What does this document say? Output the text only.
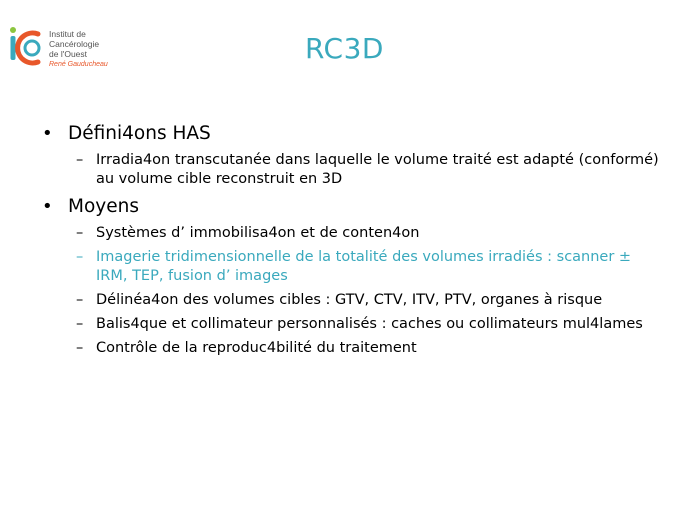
Institut de
Cancérologie
de l'Ouest
René Gauducheau	RC3D
• Défini4ons HAS
– Irradia4on transcutanée dans laquelle le volume traité est adapté (conformé) au volume cible reconstruit en 3D
• Moyens
– Systèmes d’ immobilisa4on et de conten4on
– Imagerie tridimensionnelle de la totalité des volumes irradiés : scanner ± IRM, TEP, fusion d’ images
– Délinéa4on des volumes cibles : GTV, CTV, ITV, PTV, organes à risque
– Balis4que et collimateur personnalisés : caches ou collimateurs mul4lames
– Contrôle de la reproduc4bilité du traitement
